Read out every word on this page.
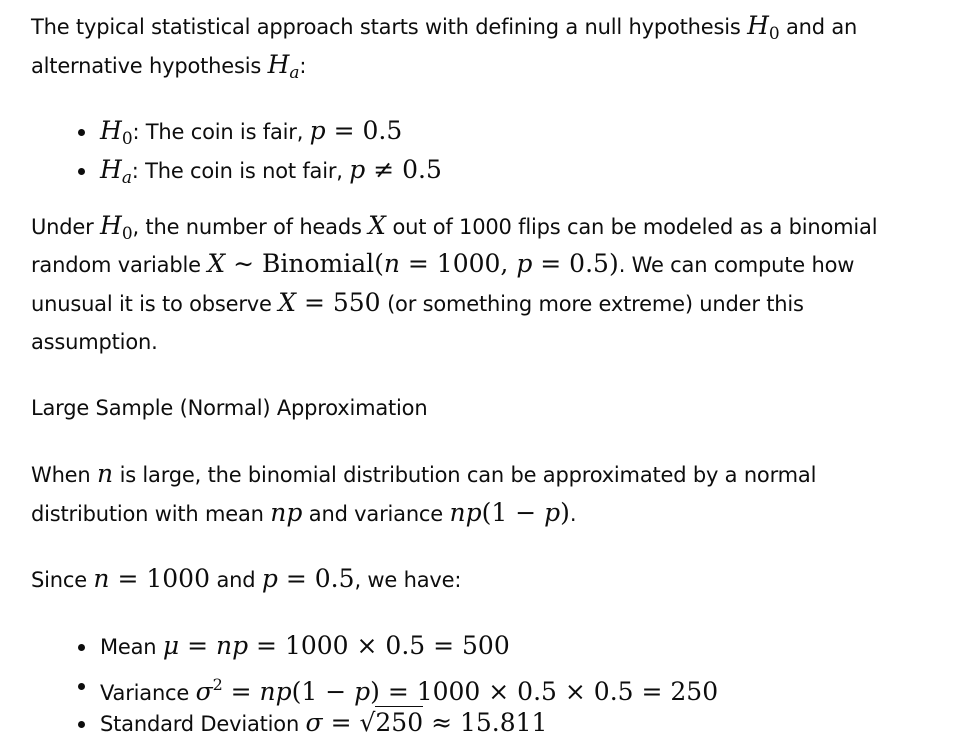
The typical statistical approach starts with defining a null hypothesis $H_0$ and an
alternative hypothesis $H_a$:
$H_0$: The coin is fair, p = 0.5
$H_a$: The coin is not fair, p ≠ 0.5
Under $H_0$, the number of heads X out of 1000 flips can be modeled as a binomial
random variable X ∼ Binomial(n = 1000, p = 0.5). We can compute how
unusual it is to observe X = 550 (or something more extreme) under this
assumption.
Large Sample (Normal) Approximation
When n is large, the binomial distribution can be approximated by a normal
distribution with mean np and variance np(1 − p).
Since n = 1000 and p = 0.5, we have:
Mean μ = np = 1000 × 0.5 = 500
Variance $\sigma^2 = np(1 - p) = 1000 \times 0.5 \times 0.5 = 250$
Standard Deviation σ = √250 ≈ 15.811
